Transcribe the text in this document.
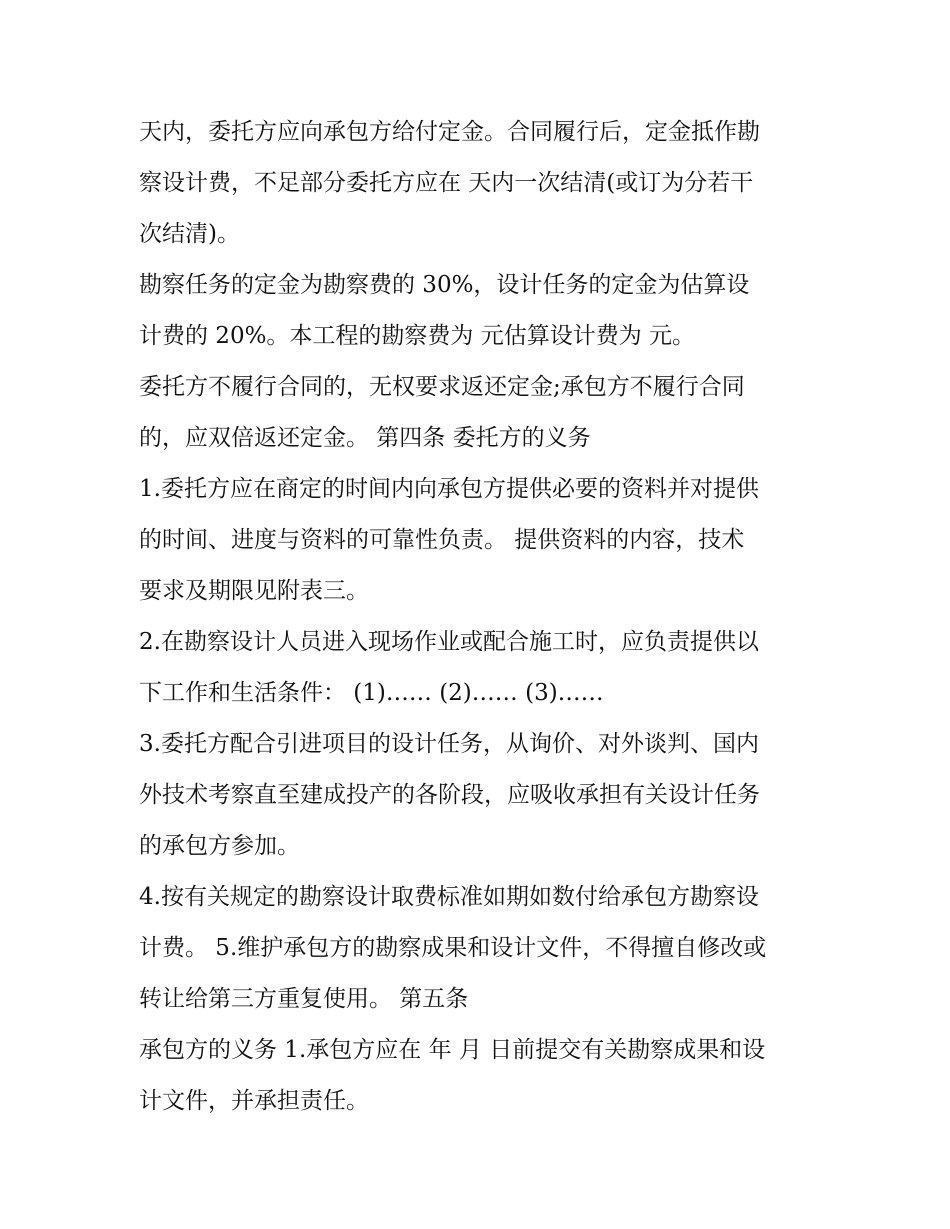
天内，委托方应向承包方给付定金。合同履行后，定金抵作勘
察设计费，不足部分委托方应在 天内一次结清(或订为分若干
次结清)。
勘察任务的定金为勘察费的 30%，设计任务的定金为估算设
计费的 20%。本工程的勘察费为 元估算设计费为 元。
委托方不履行合同的，无权要求返还定金;承包方不履行合同
的，应双倍返还定金。 第四条 委托方的义务
1.委托方应在商定的时间内向承包方提供必要的资料并对提供
的时间、进度与资料的可靠性负责。 提供资料的内容，技术
要求及期限见附表三。
2.在勘察设计人员进入现场作业或配合施工时，应负责提供以
下工作和生活条件： (1)…… (2)…… (3)……
3.委托方配合引进项目的设计任务，从询价、对外谈判、国内
外技术考察直至建成投产的各阶段，应吸收承担有关设计任务
的承包方参加。
4.按有关规定的勘察设计取费标准如期如数付给承包方勘察设
计费。 5.维护承包方的勘察成果和设计文件，不得擅自修改或
转让给第三方重复使用。 第五条
承包方的义务 1.承包方应在 年 月 日前提交有关勘察成果和设
计文件，并承担责任。
